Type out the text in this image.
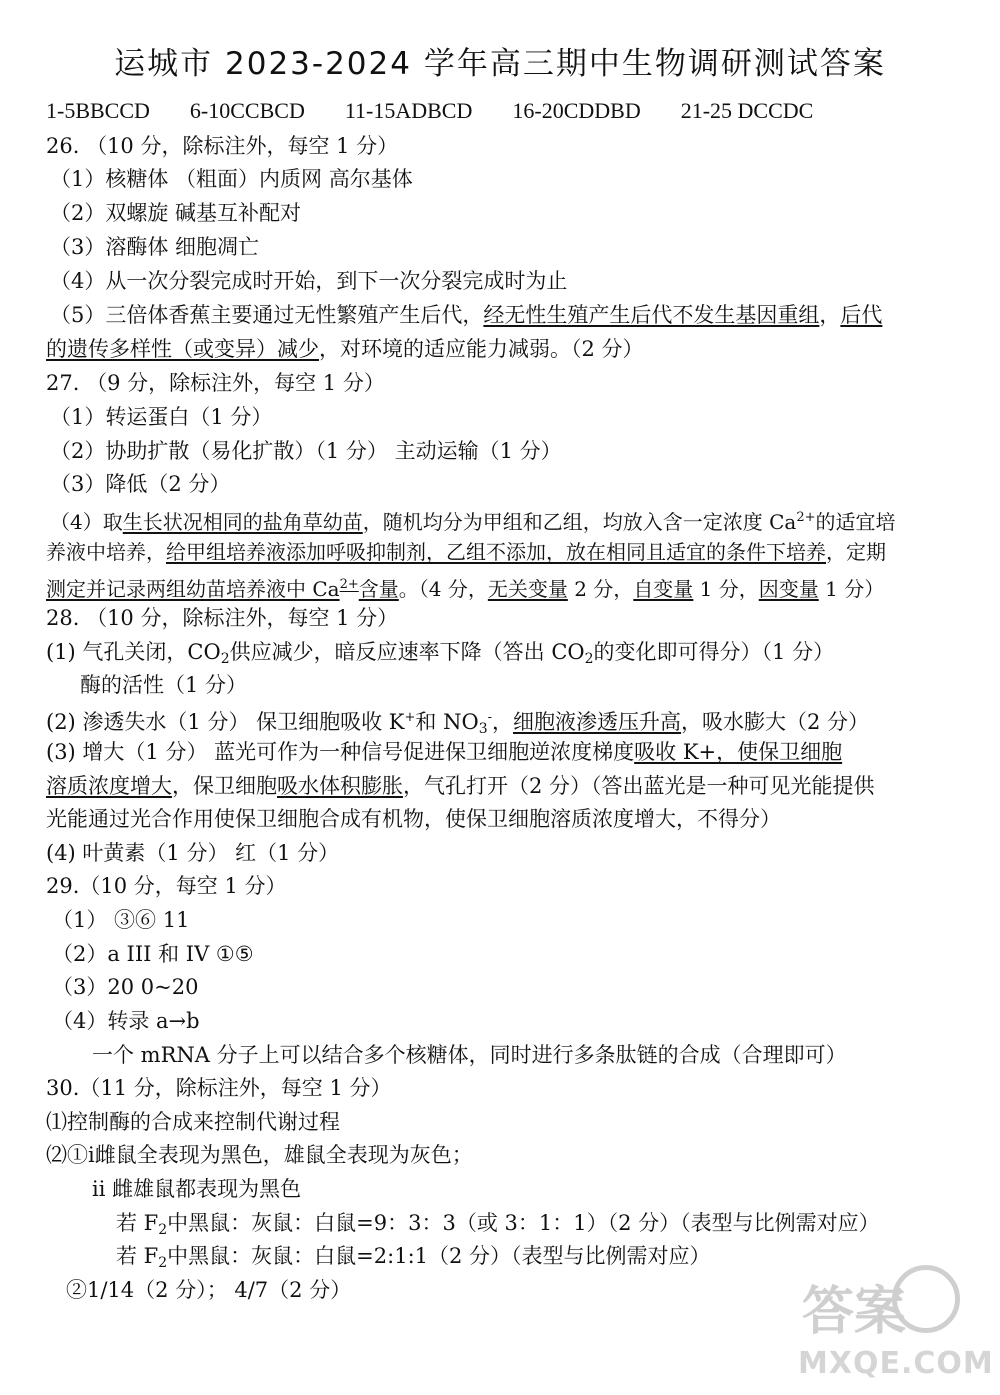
运城市 2023-2024 学年高三期中生物调研测试答案
1-5BBCCD 6-10CCBCD 11-15ADBCD 16-20CDDBD 21-25 DCCDC
26. （10 分，除标注外，每空 1 分）
（1）核糖体 （粗面）内质网 高尔基体
（2）双螺旋 碱基互补配对
（3）溶酶体 细胞凋亡
（4）从一次分裂完成时开始，到下一次分裂完成时为止
（5）三倍体香蕉主要通过无性繁殖产生后代，经无性生殖产生后代不发生基因重组，后代
的遗传多样性（或变异）减少，对环境的适应能力减弱。（2 分）
27. （9 分，除标注外，每空 1 分）
（1）转运蛋白（1 分）
（2）协助扩散（易化扩散）（1 分） 主动运输（1 分）
（3）降低（2 分）
（4）取生长状况相同的盐角草幼苗，随机均分为甲组和乙组，均放入含一定浓度 $Ca^{2+}$的适宜培
养液中培养，给甲组培养液添加呼吸抑制剂，乙组不添加，放在相同且适宜的条件下培养，定期
测定并记录两组幼苗培养液中 $Ca^{2+}$含量。（4 分，无关变量 2 分，自变量 1 分，因变量 1 分）
28. （10 分，除标注外，每空 1 分）
(1) 气孔关闭，$CO_2$供应减少，暗反应速率下降（答出 $CO_2$的变化即可得分）（1 分）
酶的活性（1 分）
(2) 渗透失水（1 分） 保卫细胞吸收 K+和 $NO_3^-$，细胞液渗透压升高，吸水膨大（2 分）
(3) 增大（1 分） 蓝光可作为一种信号促进保卫细胞逆浓度梯度吸收 K+，使保卫细胞
溶质浓度增大，保卫细胞吸水体积膨胀，气孔打开（2 分）（答出蓝光是一种可见光能提供
光能通过光合作用使保卫细胞合成有机物，使保卫细胞溶质浓度增大，不得分）
(4) 叶黄素（1 分） 红（1 分）
29.（10 分，每空 1 分）
（1） ③⑥ 11
（2）a III 和 IV ①⑤
（3）20 0~20
（4）转录 a→b
一个 mRNA 分子上可以结合多个核糖体，同时进行多条肽链的合成（合理即可）
30.（11 分，除标注外，每空 1 分）
⑴控制酶的合成来控制代谢过程
⑵①ⅰ雌鼠全表现为黑色，雄鼠全表现为灰色；
ⅱ 雌雄鼠都表现为黑色
若 $F_2$中黑鼠：灰鼠：白鼠=9：3：3（或 3：1：1）（2 分）（表型与比例需对应）
若 $F_2$中黑鼠：灰鼠：白鼠=2:1:1（2 分）（表型与比例需对应）
②1/14（2 分）； 4/7（2 分）	答案
MXQE.COM
